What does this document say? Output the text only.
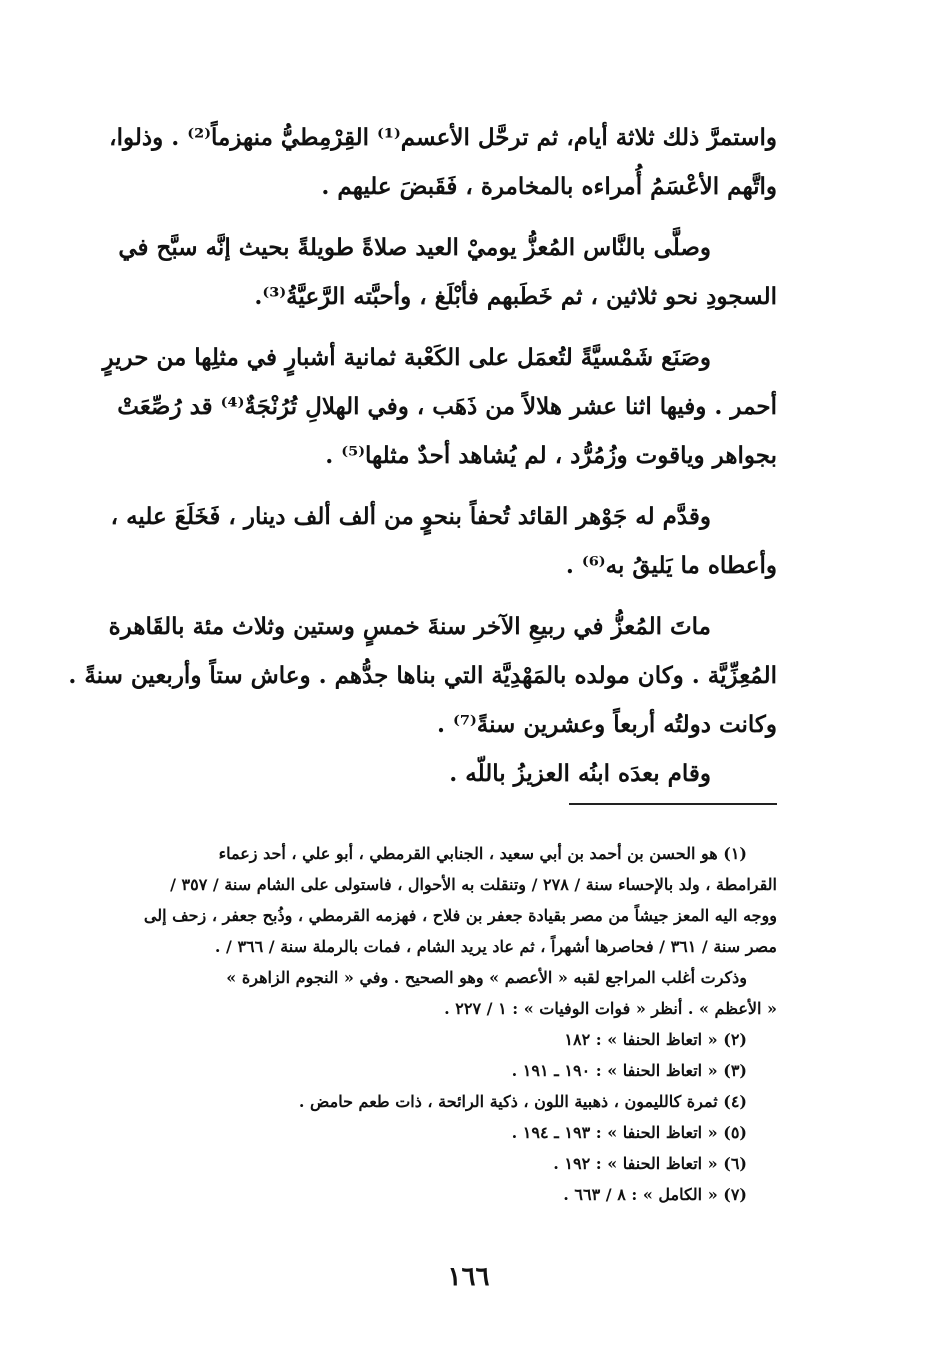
واستمرَّ ذلك ثلاثة أيام، ثم ترحَّل الأعسم⁽¹⁾ القِرْمِطيُّ منهزماً⁽²⁾ . وذلوا،
واتَّهم الأعْسَمُ أُمراءه بالمخامرة ، فَقَبضَ عليهم .
وصلَّى بالنَّاس المُعزُّ يوميْ العيد صلاةً طويلةً بحيث إنَّه سبَّح في
السجودِ نحو ثلاثين ، ثم خَطَبهم فأبْلَغ ، وأحبَّته الرَّعيَّةُ⁽³⁾.
وصَنَع شَمْسيَّةً لتُعمَل على الكَعْبة ثمانية أشبارٍ في مثلِها من حريرٍ
أحمر . وفيها اثنا عشر هلالاً من ذَهَب ، وفي الهلالِ تُرُنْجَةٌ⁽⁴⁾ قد رُصِّعَتْ
بجواهر وياقوت وزُمُرُّد ، لم يُشاهد أحدٌ مثلها⁽⁵⁾ .
وقدَّم له جَوْهر القائد تُحفاً بنحوٍ من ألف ألف دينار ، فَخَلَعَ عليه ،
وأعطاه ما يَليقُ به⁽⁶⁾ .
ماتَ المُعزُّ في ربيعِ الآخر سنةَ خمسٍ وستين وثلاث مئة بالقَاهرة
المُعِزِّيَّة . وكان مولده بالمَهْدِيَّة التي بناها جدُّهم . وعاش ستاً وأربعين سنةً .
وكانت دولتُه أربعاً وعشرين سنةً⁽⁷⁾ .
وقام بعدَه ابنُه العزيزُ باللّه .
(١) هو الحسن بن أحمد بن أبي سعيد ، الجنابي القرمطي ، أبو علي ، أحد زعماء
القرامطة ، ولد بالإحساء سنة / ٢٧٨ / وتنقلت به الأحوال ، فاستولى على الشام سنة / ٣٥٧ /
ووجه اليه المعز جيشاً من مصر بقيادة جعفر بن فلاح ، فهزمه القرمطي ، وذُبح جعفر ، زحف إلى
مصر سنة / ٣٦١ / فحاصرها أشهراً ، ثم عاد يريد الشام ، فمات بالرملة سنة / ٣٦٦ / .
وذكرت أغلب المراجع لقبه « الأعصم » وهو الصحيح . وفي « النجوم الزاهرة »
« الأعظم » . أنظر « فوات الوفيات » : ١ / ٢٢٧ .
(٢) « اتعاظ الحنفا » : ١٨٢
(٣) « اتعاظ الحنفا » : ١٩٠ ـ ١٩١ .
(٤) ثمرة كالليمون ، ذهبية اللون ، ذكية الرائحة ، ذات طعم حامض .
(٥) « اتعاظ الحنفا » : ١٩٣ ـ ١٩٤ .
(٦) « اتعاظ الحنفا » : ١٩٢ .
(٧) « الكامل » : ٨ / ٦٦٣ .
١٦٦
